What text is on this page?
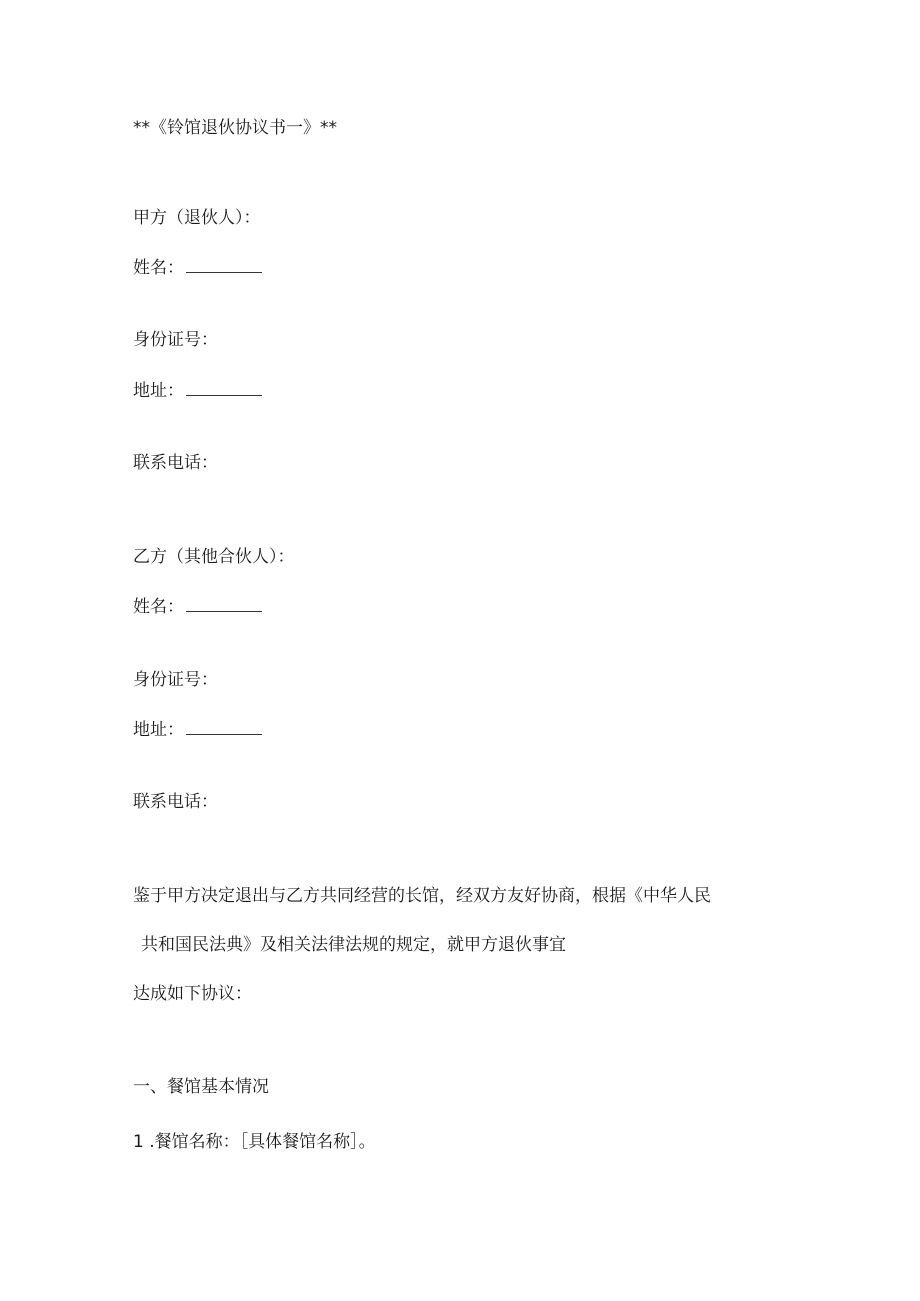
**《铃馆退伙协议书一》**
甲方（退伙人）：
姓名：
身份证号：
地址：
联系电话：
乙方（其他合伙人）：
姓名：
身份证号：
地址：
联系电话：
鉴于甲方决定退出与乙方共同经营的长馆，经双方友好协商，根据《中华人民
共和国民法典》及相关法律法规的规定，就甲方退伙事宜
达成如下协议：
一、餐馆基本情况
1 .餐馆名称：［具体餐馆名称］。
